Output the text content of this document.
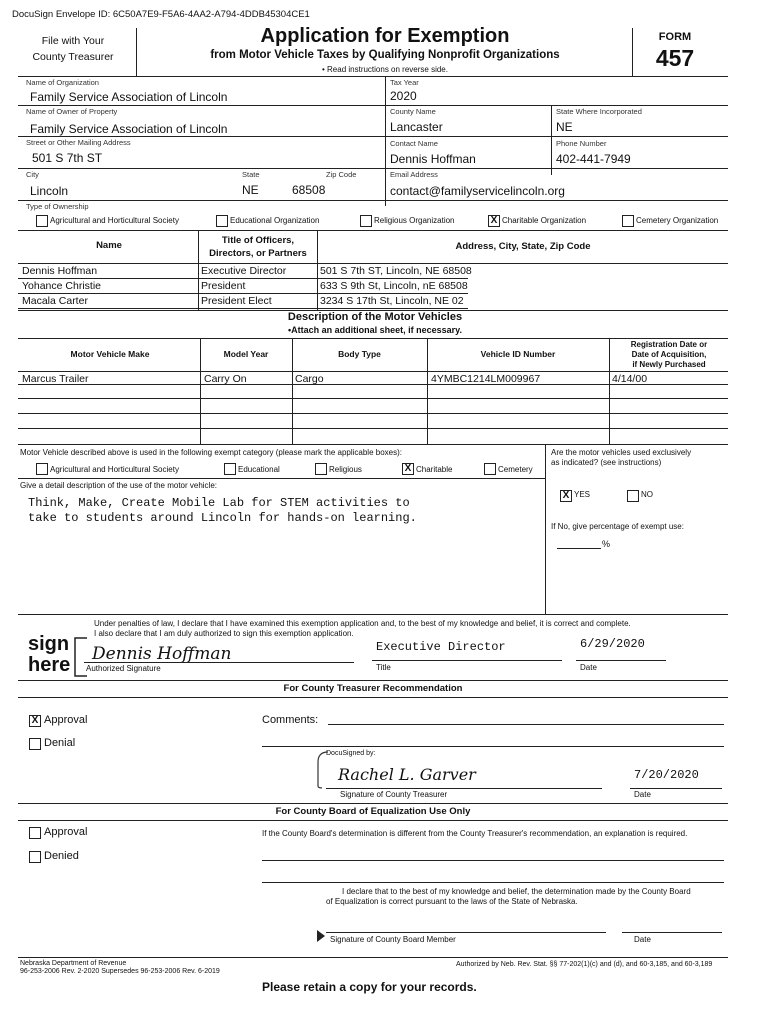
DocuSign Envelope ID: 6C50A7E9-F5A6-4AA2-A794-4DDB45304CE1
File with Your
County Treasurer
Application for Exemption
from Motor Vehicle Taxes by Qualifying Nonprofit Organizations
• Read instructions on reverse side.
FORM
457
Name of Organization
Family Service Association of Lincoln
Tax Year
2020
Name of Owner of Property
Family Service Association of Lincoln
County Name
Lancaster
State Where Incorporated
NE
Street or Other Mailing Address
501 S 7th ST
Contact Name
Dennis Hoffman
Phone Number
402-441-7949
City
Lincoln
State
NE
Zip Code
68508
Email Address
contact@familyservicelincoln.org
Type of Ownership
Name	Title of Officers,
Directors, or Partners
Address, City, State, Zip Code
Description of the Motor Vehicles
•Attach an additional sheet, if necessary.
Motor Vehicle Make	Model Year	Body Type	Vehicle ID Number
Registration Date or
Date of Acquisition,
if Newly Purchased
Motor Vehicle described above is used in the following exempt category (please mark the applicable boxes):
Give a detail description of the use of the motor vehicle:
Think, Make, Create Mobile Lab for STEM activities to
take to students around Lincoln for hands-on learning.
Are the motor vehicles used exclusively
as indicated? (see instructions)
X YES	NO
If No, give percentage of exempt use:
%
Under penalties of law, I declare that I have examined this exemption application and, to the best of my knowledge and belief, it is correct and complete.
I also declare that I am duly authorized to sign this exemption application.
sign
here Dennis Hoffman
Authorized Signature
Executive Director
Title
6/29/2020
Date
For County Treasurer Recommendation
X Approval
Denial
Comments:
DocuSigned by:
Rachel L. Garver
Signature of County Treasurer
7/20/2020
Date
For County Board of Equalization Use Only
Approval
Denied
If the County Board's determination is different from the County Treasurer's recommendation, an explanation is required.
I declare that to the best of my knowledge and belief, the determination made by the County Board
of Equalization is correct pursuant to the laws of the State of Nebraska.
Signature of County Board Member	Date
Nebraska Department of Revenue
96-253-2006 Rev. 2-2020 Supersedes 96-253-2006 Rev. 6-2019
Authorized by Neb. Rev. Stat. §§ 77-202(1)(c) and (d), and 60-3,185, and 60-3,189
Please retain a copy for your records.
Agricultural and Horticultural Society	Educational Organization	Religious Organization	X Charitable Organization	Cemetery Organization
Dennis Hoffman	Executive Director	501 S 7th ST, Lincoln, NE 68508
Yohance Christie	President	633 S 9th St, Lincoln, nE 68508
Macala Carter	President Elect	3234 S 17th St, Lincoln, NE 02
Marcus Trailer	Carry On	Cargo	4YMBC1214LM009967	4/14/00
Agricultural and Horticultural Society	Educational	Religious	X Charitable	Cemetery
